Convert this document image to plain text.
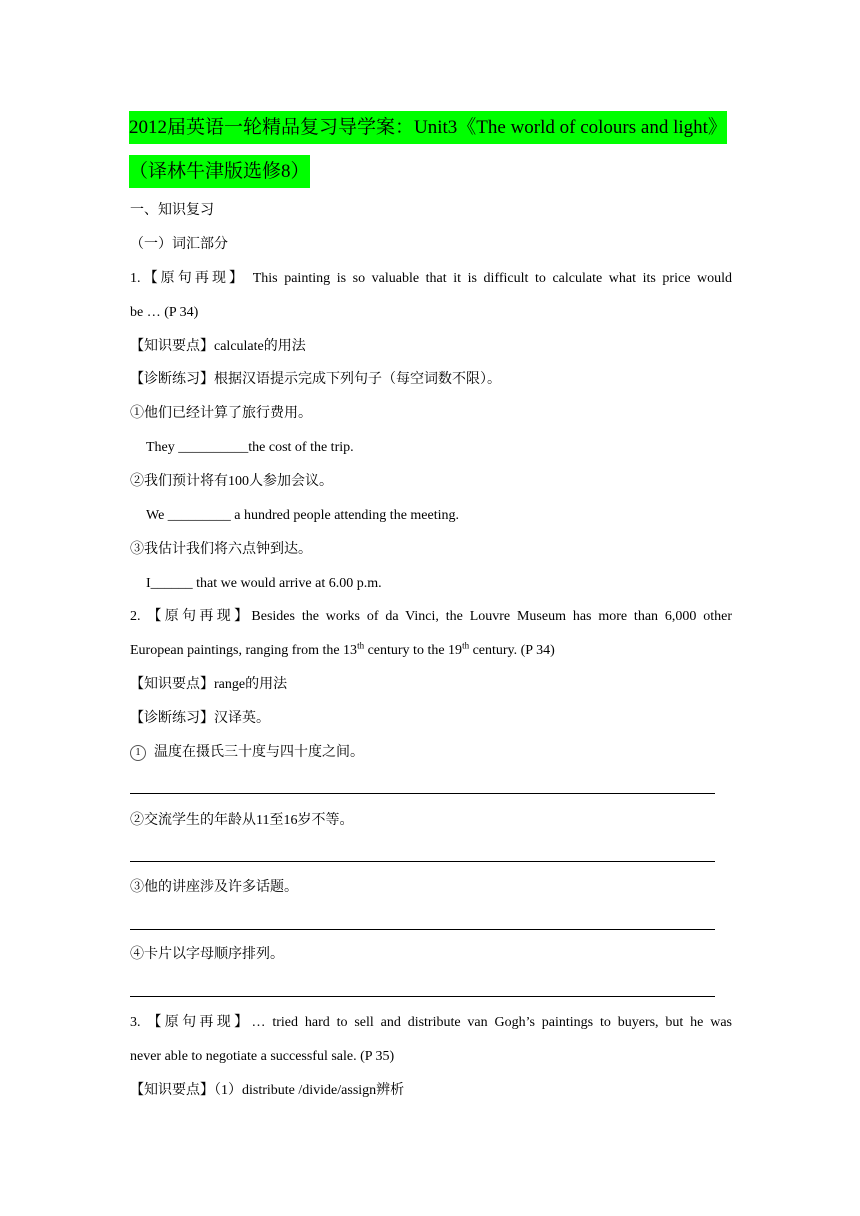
2012届英语一轮精品复习导学案：Unit3《The world of colours and light》（译林牛津版选修8）
一、知识复习
（一）词汇部分
1.【原句再现】 This painting is so valuable that it is difficult to calculate what its price would
be … (P 34)
【知识要点】calculate的用法
【诊断练习】根据汉语提示完成下列句子（每空词数不限）。
①他们已经计算了旅行费用。
They __________the cost of the trip.
②我们预计将有100人参加会议。
We _________ a hundred people attending the meeting.
③我估计我们将六点钟到达。
I______ that we would arrive at 6.00 p.m.
2. 【原句再现】Besides the works of da Vinci, the Louvre Museum has more than 6,000 other
European paintings, ranging from the 13th century to the 19th century. (P 34)
【知识要点】range的用法
【诊断练习】汉译英。
1 温度在摄氏三十度与四十度之间。
②交流学生的年龄从11至16岁不等。
③他的讲座涉及许多话题。
④卡片以字母顺序排列。
3. 【原句再现】… tried hard to sell and distribute van Gogh’s paintings to buyers, but he was
never able to negotiate a successful sale. (P 35)
【知识要点】（1）distribute /divide/assign辨析
